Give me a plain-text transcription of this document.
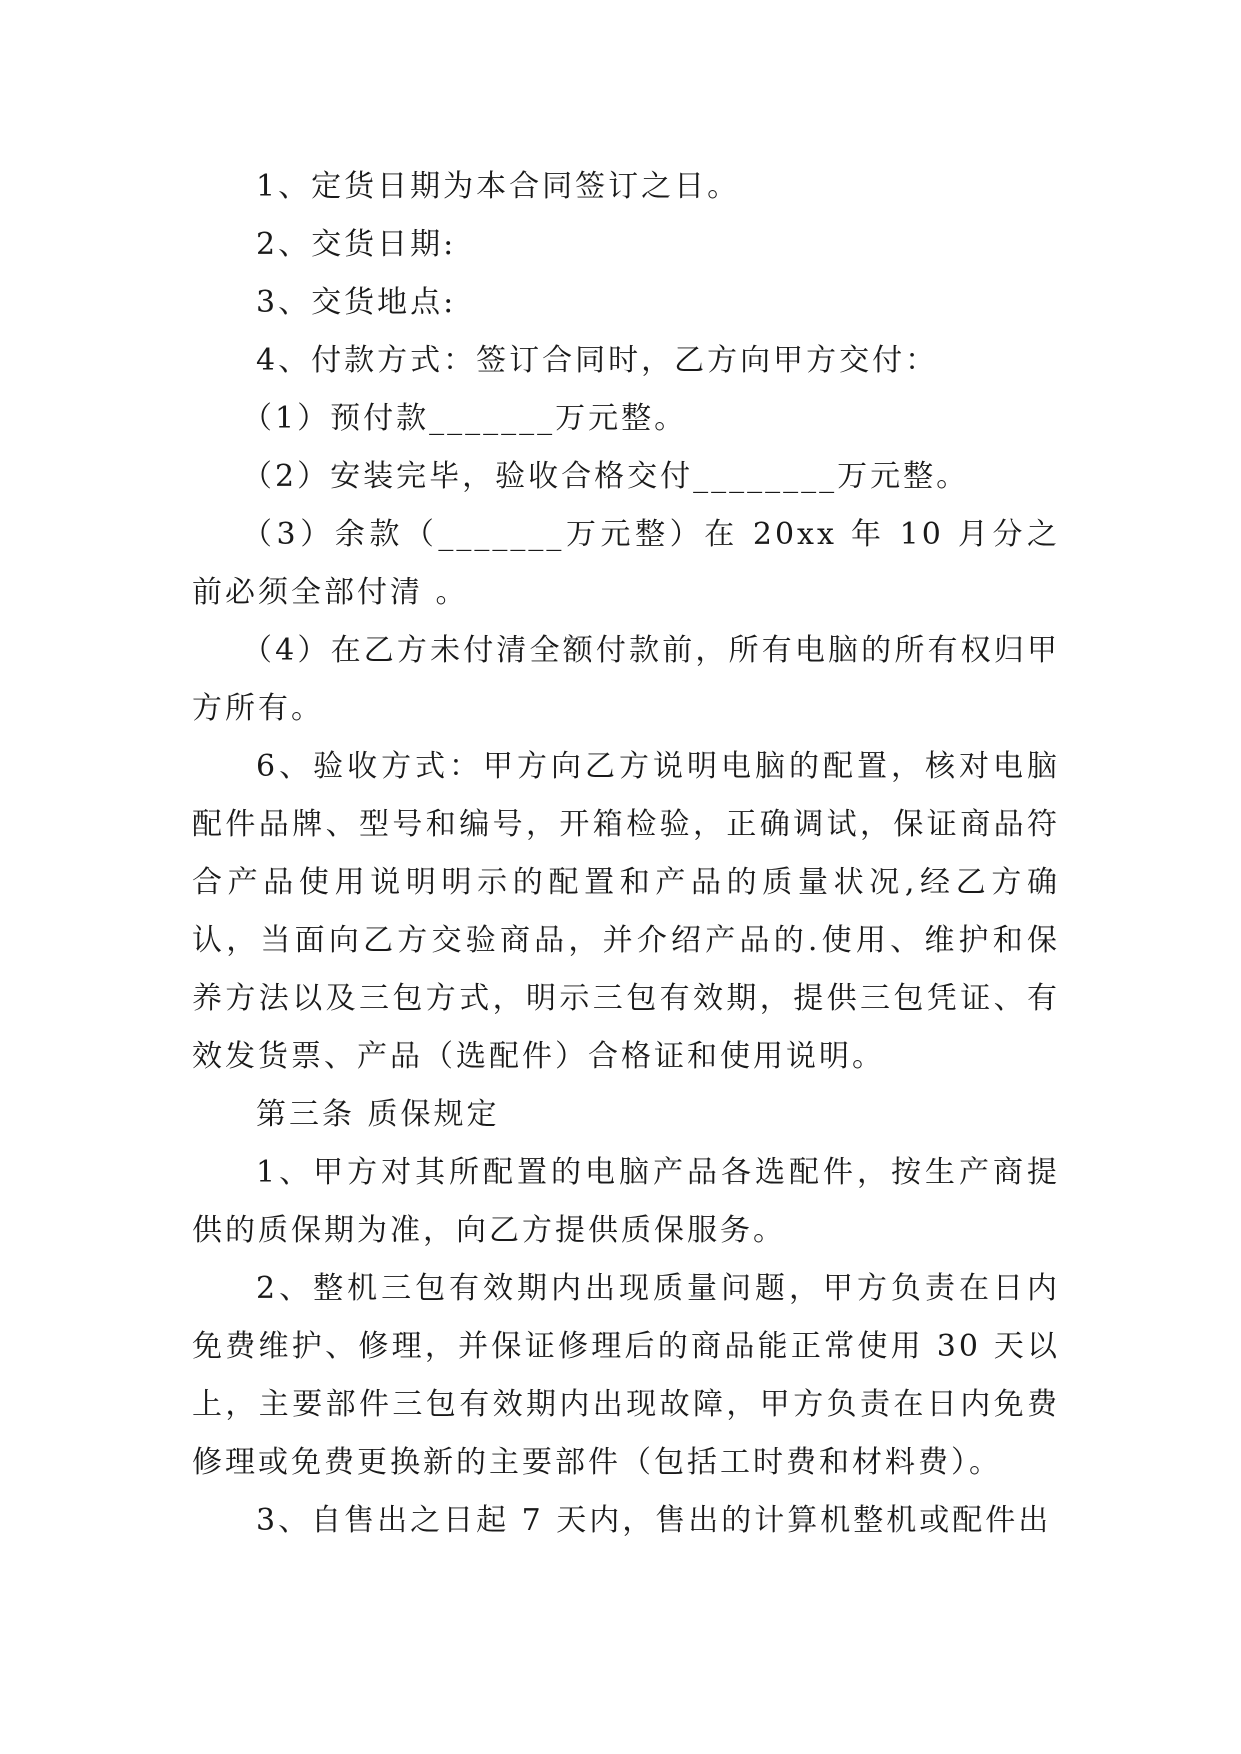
1、定货日期为本合同签订之日。

2、交货日期:

3、交货地点:

4、付款方式：签订合同时，乙方向甲方交付：

（1）预付款_______万元整。

（2）安装完毕，验收合格交付________万元整。

（3）余款（_______万元整）在 20xx 年 10 月分之前必须全部付清 。

（4）在乙方未付清全额付款前，所有电脑的所有权归甲方所有。

6、验收方式：甲方向乙方说明电脑的配置，核对电脑配件品牌、型号和编号，开箱检验，正确调试，保证商品符合产品使用说明明示的配置和产品的质量状况,经乙方确认，当面向乙方交验商品，并介绍产品的.使用、维护和保养方法以及三包方式，明示三包有效期，提供三包凭证、有效发货票、产品（选配件）合格证和使用说明。

第三条 质保规定

1、甲方对其所配置的电脑产品各选配件，按生产商提供的质保期为准，向乙方提供质保服务。

2、整机三包有效期内出现质量问题，甲方负责在日内免费维护、修理，并保证修理后的商品能正常使用 30 天以上，主要部件三包有效期内出现故障，甲方负责在日内免费修理或免费更换新的主要部件（包括工时费和材料费）。

3、自售出之日起 7 天内，售出的计算机整机或配件出
